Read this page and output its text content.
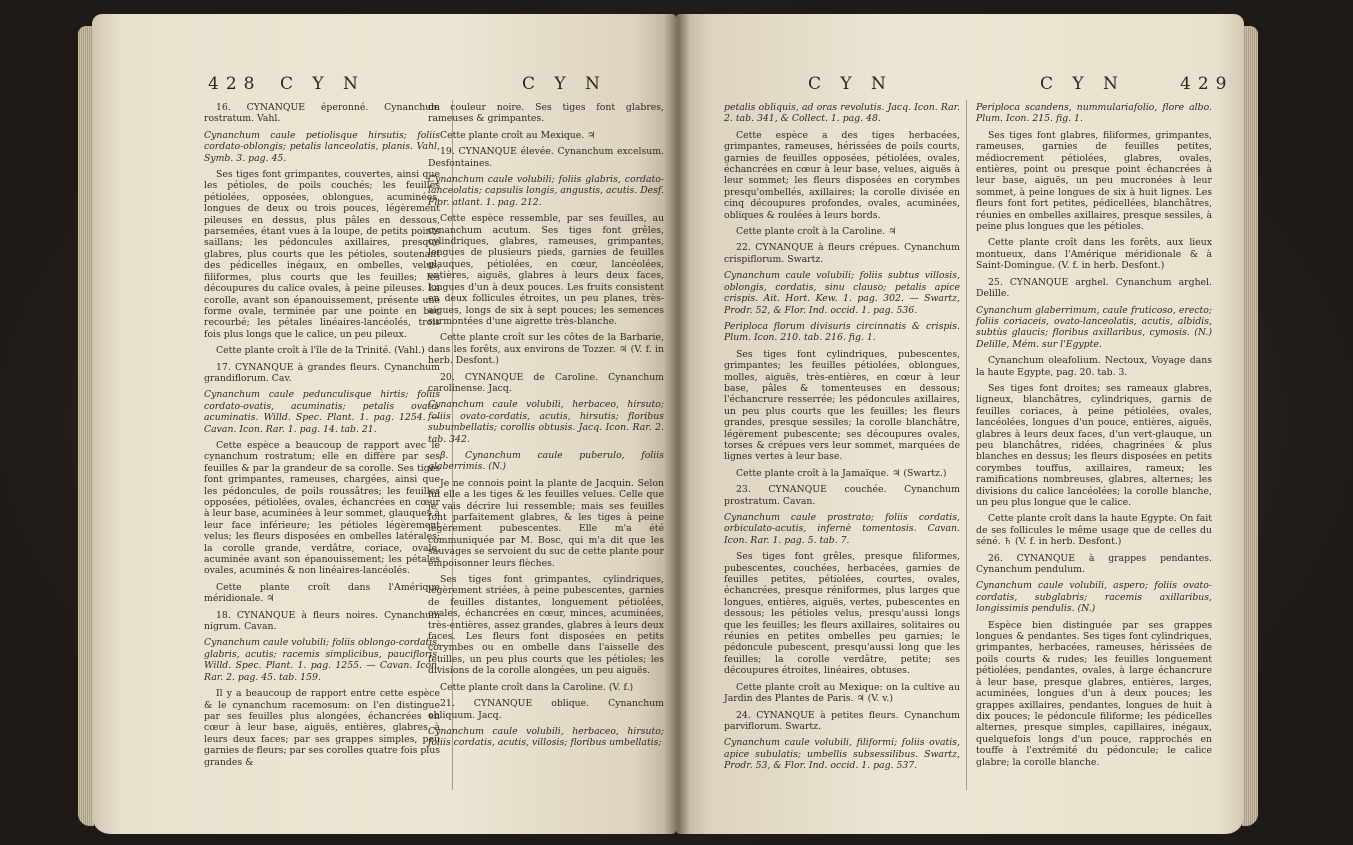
428 C Y N	C Y N

16. CYNANQUE éperonné. Cynanchum rostratum. Vahl.

Cynanchum caule petiolisque hirsutis; foliis cordato-oblongis; petalis lanceolatis, planis. Vahl, Symb. 3. pag. 45.

Ses tiges font grimpantes, couvertes, ainsi que les pétioles, de poils couchés; les feuilles pétiolées, opposées, oblongues, acuminées, longues de deux ou trois pouces, légèrement pileuses en dessus, plus pâles en dessous, parsemées, étant vues à la loupe, de petits points saillans; les pédoncules axillaires, presque glabres, plus courts que les pétioles, soutenant des pédicelles inégaux, en ombelles, velus, filiformes, plus courts que les feuilles; les découpures du calice ovales, à peine pileuses. La corolle, avant son épanouissement, présente une forme ovale, terminée par une pointe en bec recourbé; les pétales linéaires-lancéolés, trois fois plus longs que le calice, un peu pileux.

Cette plante croît à l'île de la Trinité. (Vahl.)

17. CYNANQUE à grandes fleurs. Cynanchum grandiflorum. Cav.

Cynanchum caule pedunculisque hirtis; foliis cordato-ovatis, acuminatis; petalis ovato-acuminatis. Willd. Spec. Plant. 1. pag. 1254. — Cavan. Icon. Rar. 1. pag. 14. tab. 21.

Cette espèce a beaucoup de rapport avec le cynanchum rostratum; elle en diffère par ses feuilles & par la grandeur de sa corolle. Ses tiges font grimpantes, rameuses, chargées, ainsi que les pédoncules, de poils roussâtres; les feuilles opposées, pétiolées, ovales, échancrées en cœur à leur base, acuminées à leur sommet, glauques à leur face inférieure; les pétioles légèrement velus; les fleurs disposées en ombelles latérales; la corolle grande, verdâtre, coriace, ovale, acuminée avant son épanouissement; les pétales ovales, acuminés & non linéaires-lancéolés.

Cette plante croît dans l'Amérique méridionale. ♃

18. CYNANQUE à fleurs noires. Cynanchum nigrum. Cavan.

Cynanchum caule volubili; foliis oblongo-cordatis, glabris, acutis; racemis simplicibus, paucifloris. Willd. Spec. Plant. 1. pag. 1255. — Cavan. Icon. Rar. 2. pag. 45. tab. 159.

Il y a beaucoup de rapport entre cette espèce & le cynanchum racemosum: on l'en distingue par ses feuilles plus alongées, échancrées en cœur à leur base, aiguës, entières, glabres à leurs deux faces; par ses grappes simples, peu garnies de fleurs; par ses corolles quatre fois plus grandes &

de couleur noire. Ses tiges font glabres, rameuses & grimpantes.

Cette plante croît au Mexique. ♃

19. CYNANQUE élevée. Cynanchum excelsum. Desfontaines.

Cynanchum caule volubili; foliis glabris, cordato-lanceolatis; capsulis longis, angustis, acutis. Desf. Flor. atlant. 1. pag. 212.

Cette espèce ressemble, par ses feuilles, au cynanchum acutum. Ses tiges font grêles, cylindriques, glabres, rameuses, grimpantes, longues de plusieurs pieds, garnies de feuilles glauques, pétiolées, en cœur, lancéolées, entières, aiguës, glabres à leurs deux faces, longues d'un à deux pouces. Les fruits consistent en deux follicules étroites, un peu planes, très-aigues, longs de six à sept pouces; les semences surmontées d'une aigrette très-blanche.

Cette plante croît sur les côtes de la Barbarie, dans les forêts, aux environs de Tozzer. ♃ (V. f. in herb. Desfont.)

20. CYNANQUE de Caroline. Cynanchum carolinense. Jacq.

Cynanchum caule volubili, herbaceo, hirsuto; foliis ovato-cordatis, acutis, hirsutis; floribus subumbellatis; corollis obtusis. Jacq. Icon. Rar. 2. tab. 342.

β. Cynanchum caule puberulo, foliis glaberrimis. (N.)

Je ne connois point la plante de Jacquin. Selon lui elle a les tiges & les feuilles velues. Celle que je vais décrire lui ressemble; mais ses feuilles font parfaitement glabres, & les tiges à peine légèrement pubescentes. Elle m'a été communiquée par M. Bosc, qui m'a dit que les sauvages se servoient du suc de cette plante pour empoisonner leurs flèches.

Ses tiges font grimpantes, cylindriques, légèrement striées, à peine pubescentes, garnies de feuilles distantes, longuement pétiolées, ovales, échancrées en cœur, minces, acuminées, très-entières, assez grandes, glabres à leurs deux faces. Les fleurs font disposées en petits corymbes ou en ombelle dans l'aisselle des feuilles, un peu plus courts que les pétioles; les divisions de la corolle alongées, un peu aiguës.

Cette plante croît dans la Caroline. (V. f.)

21. CYNANQUE oblique. Cynanchum obliquum. Jacq.

Cynanchum caule volubili, herbaceo, hirsuto; foliis cordatis, acutis, villosis; floribus umbellatis;

C Y N	C Y N	429

petalis obliquis, ad oras revolutis. Jacq. Icon. Rar. 2. tab. 341, & Collect. 1. pag. 48.

Cette espèce a des tiges herbacées, grimpantes, rameuses, hérissées de poils courts, garnies de feuilles opposées, pétiolées, ovales, échancrées en cœur à leur base, velues, aiguës à leur sommet; les fleurs disposées en corymbes presqu'ombellés, axillaires; la corolle divisée en cinq découpures profondes, ovales, acuminées, obliques & roulées à leurs bords.

Cette plante croît à la Caroline. ♃

22. CYNANQUE à fleurs crépues. Cynanchum crispiflorum. Swartz.

Cynanchum caule volubili; foliis subtus villosis, oblongis, cordatis, sinu clauso; petalis apice crispis. Ait. Hort. Kew. 1. pag. 302. — Swartz, Prodr. 52, & Flor. Ind. occid. 1. pag. 536.

Periploca florum divisuris circinnatis & crispis. Plum. Icon. 210. tab. 216. fig. 1.

Ses tiges font cylindriques, pubescentes, grimpantes; les feuilles pétiolées, oblongues, molles, aiguës, très-entières, en cœur à leur base, pâles & tomenteuses en dessous; l'échancrure resserrée; les pédoncules axillaires, un peu plus courts que les feuilles; les fleurs grandes, presque sessiles; la corolle blanchâtre, légèrement pubescente; ses découpures ovales, torses & crépues vers leur sommet, marquées de lignes vertes à leur base.

Cette plante croît à la Jamaïque. ♃ (Swartz.)

23. CYNANQUE couchée. Cynanchum prostratum. Cavan.

Cynanchum caule prostrato; foliis cordatis, orbiculato-acutis, infernè tomentosis. Cavan. Icon. Rar. 1. pag. 5. tab. 7.

Ses tiges font grêles, presque filiformes, pubescentes, couchées, herbacées, garnies de feuilles petites, pétiolées, courtes, ovales, échancrées, presque réniformes, plus larges que longues, entières, aiguës, vertes, pubescentes en dessous; les pétioles velus, presqu'aussi longs que les feuilles; les fleurs axillaires, solitaires ou réunies en petites ombelles peu garnies; le pédoncule pubescent, presqu'aussi long que les feuilles; la corolle verdâtre, petite; ses découpures étroites, linéaires, obtuses.

Cette plante croît au Mexique: on la cultive au Jardin des Plantes de Paris. ♃ (V. v.)

24. CYNANQUE à petites fleurs. Cynanchum parviflorum. Swartz.

Cynanchum caule volubili, filiformi; foliis ovatis, apice subulatis; umbellis subsessilibus. Swartz, Prodr. 53, & Flor. Ind. occid. 1. pag. 537.

Periploca scandens, nummulariafolio, flore albo. Plum. Icon. 215. fig. 1.

Ses tiges font glabres, filiformes, grimpantes, rameuses, garnies de feuilles petites, médiocrement pétiolées, glabres, ovales, entières, point ou presque point échancrées à leur base, aiguës, un peu mucronées à leur sommet, à peine longues de six à huit lignes. Les fleurs font fort petites, pédicellées, blanchâtres, réunies en ombelles axillaires, presque sessiles, à peine plus longues que les pétioles.

Cette plante croît dans les forêts, aux lieux montueux, dans l'Amérique méridionale & à Saint-Domingue. (V. f. in herb. Desfont.)

25. CYNANQUE arghel. Cynanchum arghel. Delille.

Cynanchum glaberrimum, caule fruticoso, erecto; foliis coriaceis, ovato-lanceolatis, acutis, albidis, subtùs glaucis; floribus axillaribus, cymosis. (N.) Delille, Mém. sur l'Egypte.

Cynanchum oleafolium. Nectoux, Voyage dans la haute Egypte, pag. 20. tab. 3.

Ses tiges font droites; ses rameaux glabres, ligneux, blanchâtres, cylindriques, garnis de feuilles coriaces, à peine pétiolées, ovales, lancéolées, longues d'un pouce, entières, aiguës, glabres à leurs deux faces, d'un vert-glauque, un peu blanchâtres, ridées, chagrinées & plus blanches en dessus; les fleurs disposées en petits corymbes touffus, axillaires, rameux; les ramifications nombreuses, glabres, alternes; les divisions du calice lancéolées; la corolle blanche, un peu plus longue que le calice.

Cette plante croît dans la haute Egypte. On fait de ses follicules le même usage que de celles du séné. ♄ (V. f. in herb. Desfont.)

26. CYNANQUE à grappes pendantes. Cynanchum pendulum.

Cynanchum caule volubili, aspero; foliis ovato-cordatis, subglabris; racemis axillaribus, longissimis pendulis. (N.)

Espèce bien distinguée par ses grappes longues & pendantes. Ses tiges font cylindriques, grimpantes, herbacées, rameuses, hérissées de poils courts & rudes; les feuilles longuement pétiolées, pendantes, ovales, à large échancrure à leur base, presque glabres, entières, larges, acuminées, longues d'un à deux pouces; les grappes axillaires, pendantes, longues de huit à dix pouces; le pédoncule filiforme; les pédicelles alternes, presque simples, capillaires, inégaux, quelquefois longs d'un pouce, rapprochés en touffe à l'extrémité du pédoncule; le calice glabre; la corolle blanche.
